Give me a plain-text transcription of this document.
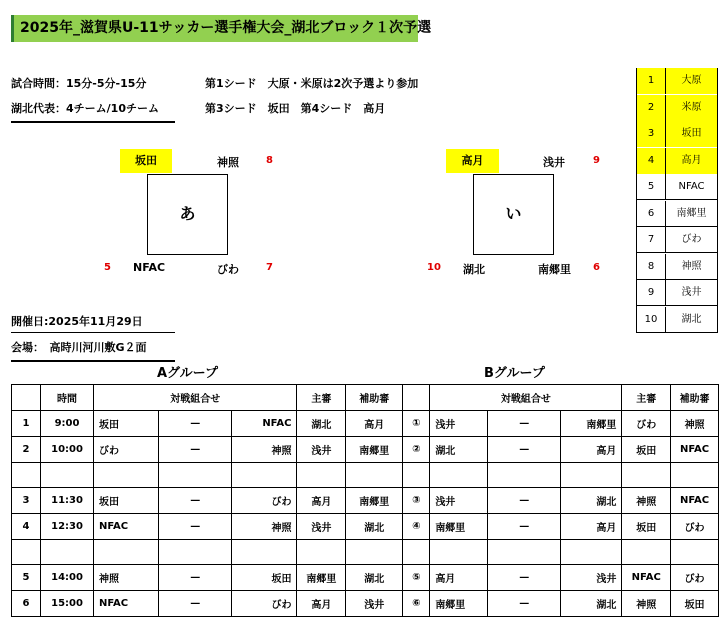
2025年_滋賀県U-11サッカー選手権大会_湖北ブロック１次予選
試合時間：15分-5分-15分
湖北代表：4チーム/10チーム
第1シード　大原・米原は2次予選より参加
第3シード　坂田　第4シード　高月
開催日:2025年11月29日
会場：　高時川河川敷G２面
1	大原
2	米原
3	坂田
4	高月
5	NFAC
6	南郷里
7	びわ
8	神照
9	浅井
10	湖北
坂田	神照	8
あ
5 NFAC	びわ	7
高月	浅井	9
い
10 湖北	南郷里 6
Aグループ	Bグループ
	時間	対戦組合せ			主審	補助審		対戦組合せ			主審	補助審
1	9:00	坂田	—	NFAC	湖北	高月	①	浅井	—	南郷里	びわ	神照
2	10:00	びわ	—	神照	浅井	南郷里	②	湖北	—	高月	坂田	NFAC

3	11:30	坂田	—	びわ	高月	南郷里	③	浅井	—	湖北	神照	NFAC
4	12:30	NFAC	—	神照	浅井	湖北	④	南郷里	—	高月	坂田	びわ

5	14:00	神照	—	坂田	南郷里	湖北	⑤	高月	—	浅井	NFAC	びわ
6	15:00	NFAC	—	びわ	高月	浅井	⑥	南郷里	—	湖北	神照	坂田
